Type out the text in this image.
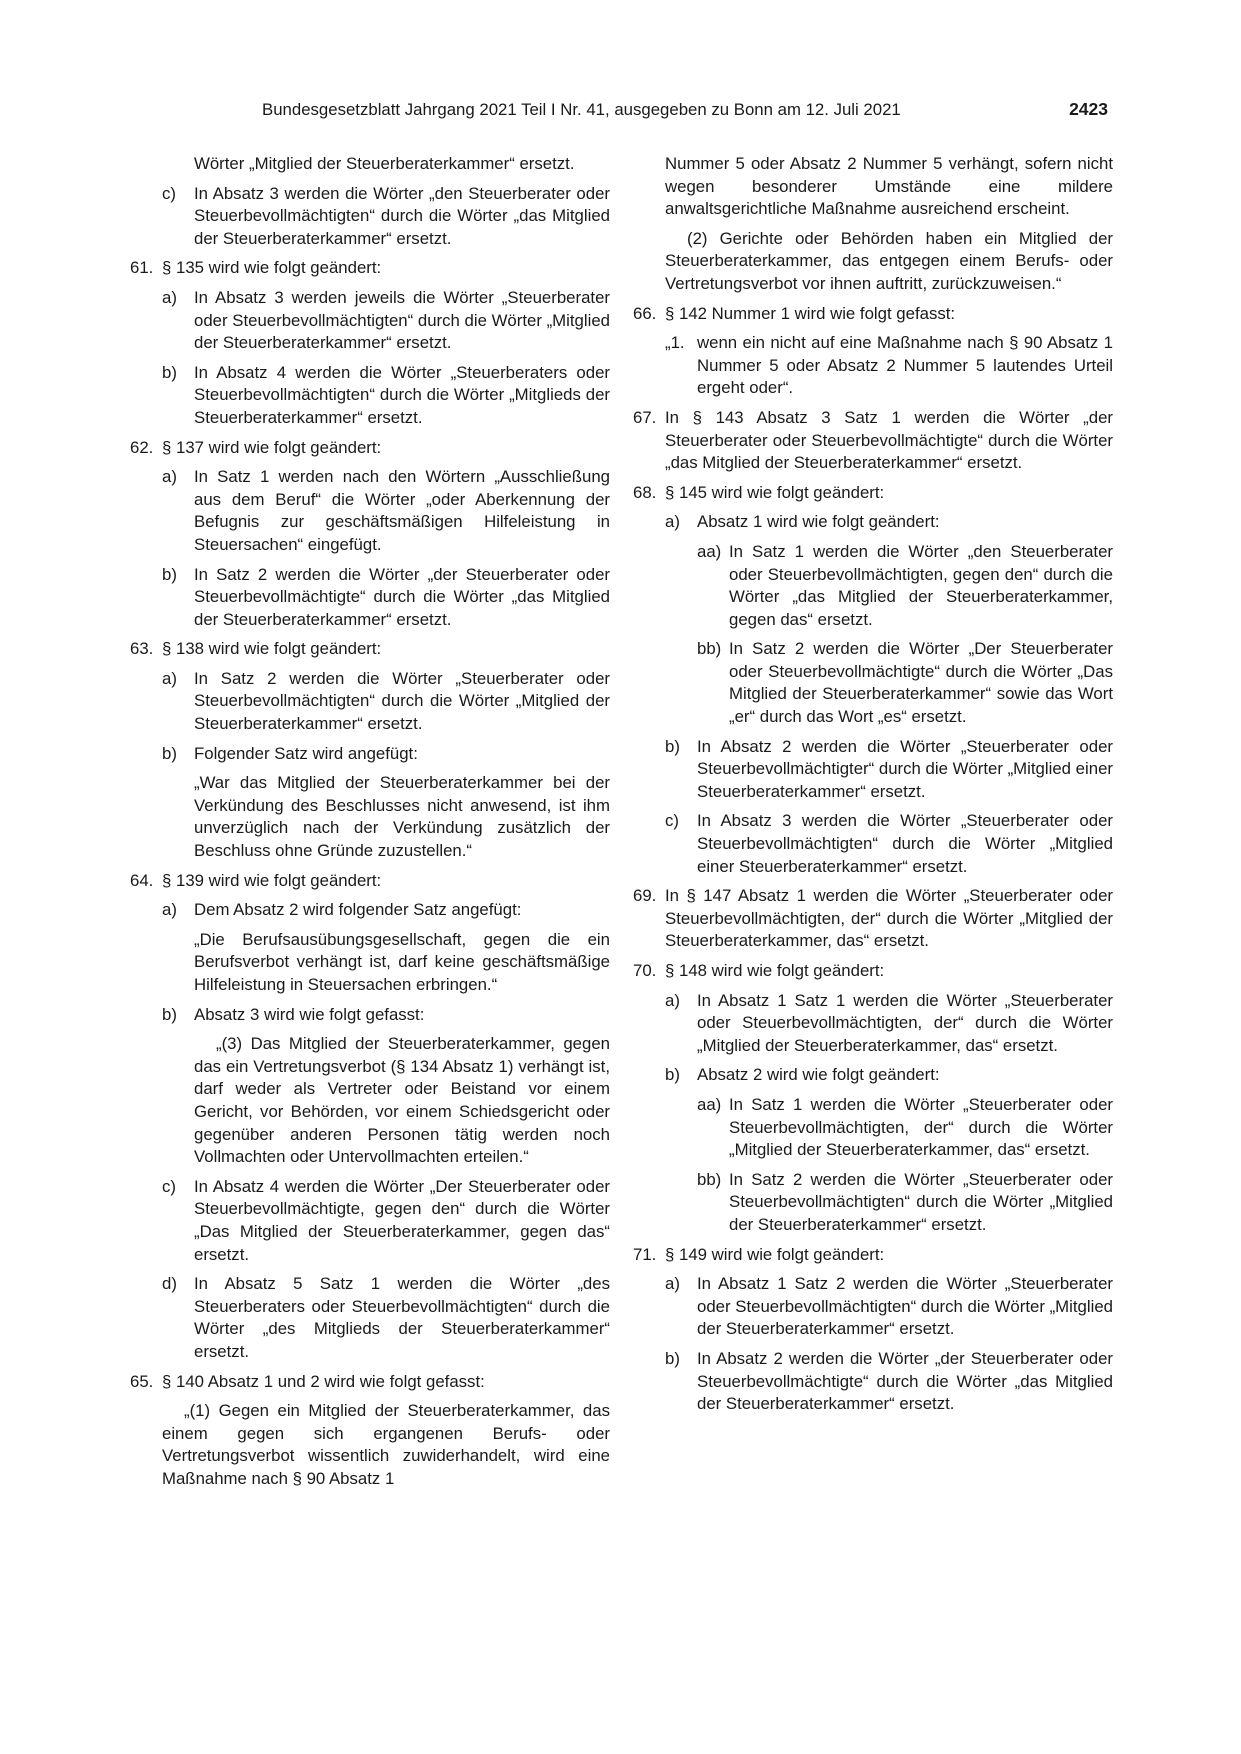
Bundesgesetzblatt Jahrgang 2021 Teil I Nr. 41, ausgegeben zu Bonn am 12. Juli 2021	2423

Wörter „Mitglied der Steuerberaterkammer“ ersetzt.

c) In Absatz 3 werden die Wörter „den Steuerberater oder Steuerbevollmächtigten“ durch die Wörter „das Mitglied der Steuerberaterkammer“ ersetzt.

61. § 135 wird wie folgt geändert:

a) In Absatz 3 werden jeweils die Wörter „Steuerberater oder Steuerbevollmächtigten“ durch die Wörter „Mitglied der Steuerberaterkammer“ ersetzt.

b) In Absatz 4 werden die Wörter „Steuerberaters oder Steuerbevollmächtigten“ durch die Wörter „Mitglieds der Steuerberaterkammer“ ersetzt.

62. § 137 wird wie folgt geändert:

a) In Satz 1 werden nach den Wörtern „Ausschließung aus dem Beruf“ die Wörter „oder Aberkennung der Befugnis zur geschäftsmäßigen Hilfeleistung in Steuersachen“ eingefügt.

b) In Satz 2 werden die Wörter „der Steuerberater oder Steuerbevollmächtigte“ durch die Wörter „das Mitglied der Steuerberaterkammer“ ersetzt.

63. § 138 wird wie folgt geändert:

a) In Satz 2 werden die Wörter „Steuerberater oder Steuerbevollmächtigten“ durch die Wörter „Mitglied der Steuerberaterkammer“ ersetzt.

b) Folgender Satz wird angefügt:

„War das Mitglied der Steuerberaterkammer bei der Verkündung des Beschlusses nicht anwesend, ist ihm unverzüglich nach der Verkündung zusätzlich der Beschluss ohne Gründe zuzustellen.“

64. § 139 wird wie folgt geändert:

a) Dem Absatz 2 wird folgender Satz angefügt:

„Die Berufsausübungsgesellschaft, gegen die ein Berufsverbot verhängt ist, darf keine geschäftsmäßige Hilfeleistung in Steuersachen erbringen.“

b) Absatz 3 wird wie folgt gefasst:

„(3) Das Mitglied der Steuerberaterkammer, gegen das ein Vertretungsverbot (§ 134 Absatz 1) verhängt ist, darf weder als Vertreter oder Beistand vor einem Gericht, vor Behörden, vor einem Schiedsgericht oder gegenüber anderen Personen tätig werden noch Vollmachten oder Untervollmachten erteilen.“

c) In Absatz 4 werden die Wörter „Der Steuerberater oder Steuerbevollmächtigte, gegen den“ durch die Wörter „Das Mitglied der Steuerberaterkammer, gegen das“ ersetzt.

d) In Absatz 5 Satz 1 werden die Wörter „des Steuerberaters oder Steuerbevollmächtigten“ durch die Wörter „des Mitglieds der Steuerberaterkammer“ ersetzt.

65. § 140 Absatz 1 und 2 wird wie folgt gefasst:

„(1) Gegen ein Mitglied der Steuerberaterkammer, das einem gegen sich ergangenen Berufs- oder Vertretungsverbot wissentlich zuwiderhandelt, wird eine Maßnahme nach § 90 Absatz 1

Nummer 5 oder Absatz 2 Nummer 5 verhängt, sofern nicht wegen besonderer Umstände eine mildere anwaltsgerichtliche Maßnahme ausreichend erscheint.

(2) Gerichte oder Behörden haben ein Mitglied der Steuerberaterkammer, das entgegen einem Berufs- oder Vertretungsverbot vor ihnen auftritt, zurückzuweisen.“

66. § 142 Nummer 1 wird wie folgt gefasst:

„1. wenn ein nicht auf eine Maßnahme nach § 90 Absatz 1 Nummer 5 oder Absatz 2 Nummer 5 lautendes Urteil ergeht oder“.

67. In § 143 Absatz 3 Satz 1 werden die Wörter „der Steuerberater oder Steuerbevollmächtigte“ durch die Wörter „das Mitglied der Steuerberaterkammer“ ersetzt.

68. § 145 wird wie folgt geändert:

a) Absatz 1 wird wie folgt geändert:

aa) In Satz 1 werden die Wörter „den Steuerberater oder Steuerbevollmächtigten, gegen den“ durch die Wörter „das Mitglied der Steuerberaterkammer, gegen das“ ersetzt.

bb) In Satz 2 werden die Wörter „Der Steuerberater oder Steuerbevollmächtigte“ durch die Wörter „Das Mitglied der Steuerberaterkammer“ sowie das Wort „er“ durch das Wort „es“ ersetzt.

b) In Absatz 2 werden die Wörter „Steuerberater oder Steuerbevollmächtigter“ durch die Wörter „Mitglied einer Steuerberaterkammer“ ersetzt.

c) In Absatz 3 werden die Wörter „Steuerberater oder Steuerbevollmächtigten“ durch die Wörter „Mitglied einer Steuerberaterkammer“ ersetzt.

69. In § 147 Absatz 1 werden die Wörter „Steuerberater oder Steuerbevollmächtigten, der“ durch die Wörter „Mitglied der Steuerberaterkammer, das“ ersetzt.

70. § 148 wird wie folgt geändert:

a) In Absatz 1 Satz 1 werden die Wörter „Steuerberater oder Steuerbevollmächtigten, der“ durch die Wörter „Mitglied der Steuerberaterkammer, das“ ersetzt.

b) Absatz 2 wird wie folgt geändert:

aa) In Satz 1 werden die Wörter „Steuerberater oder Steuerbevollmächtigten, der“ durch die Wörter „Mitglied der Steuerberaterkammer, das“ ersetzt.

bb) In Satz 2 werden die Wörter „Steuerberater oder Steuerbevollmächtigten“ durch die Wörter „Mitglied der Steuerberaterkammer“ ersetzt.

71. § 149 wird wie folgt geändert:

a) In Absatz 1 Satz 2 werden die Wörter „Steuerberater oder Steuerbevollmächtigten“ durch die Wörter „Mitglied der Steuerberaterkammer“ ersetzt.

b) In Absatz 2 werden die Wörter „der Steuerberater oder Steuerbevollmächtigte“ durch die Wörter „das Mitglied der Steuerberaterkammer“ ersetzt.
